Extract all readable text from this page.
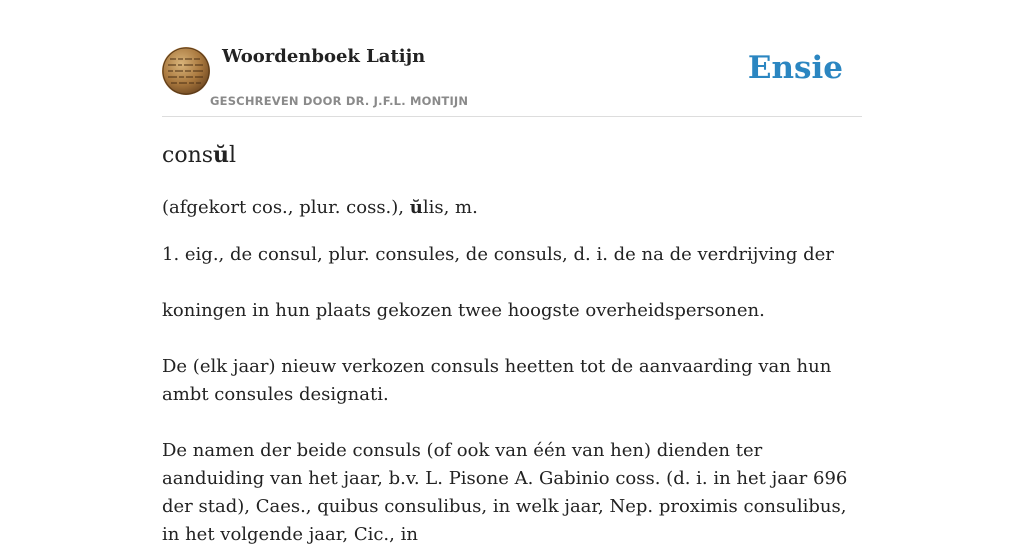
Woordenboek Latijn
GESCHREVEN DOOR DR. J.F.L. MONTIJN
Ensie
consŭl

(afgekort cos., plur. coss.), ŭlis, m.

1. eig., de consul, plur. consules, de consuls, d. i. de na de verdrijving der

koningen in hun plaats gekozen twee hoogste overheidspersonen.

De (elk jaar) nieuw verkozen consuls heetten tot de aanvaarding van hun ambt consules designati.

De namen der beide consuls (of ook van één van hen) dienden ter aanduiding van het jaar, b.v. L. Pisone A. Gabinio coss. (d. i. in het jaar 696 der stad), Caes., quibus consulibus, in welk jaar, Nep. proximis consulibus, in het volgende jaar, Cic., in
